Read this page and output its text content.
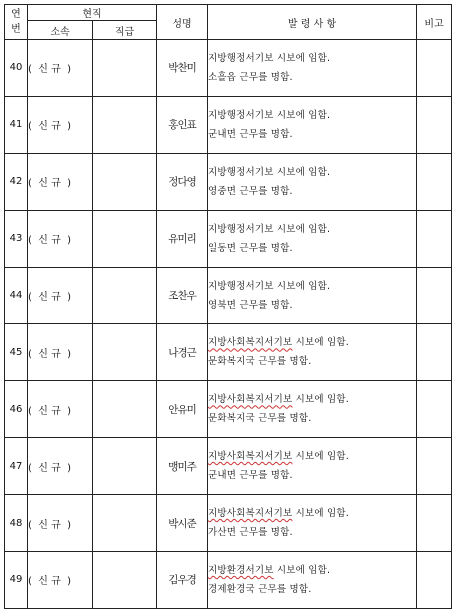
연
번	현직		성명	발 령 사 항	비고
	소속	직급			
40	(  신 규  )		박찬미	지방행정서기보 시보에 임함.
소흘읍 근무를 명함.	

41	(  신 규  )		홍인표	지방행정서기보 시보에 임함.
군내면 근무를 명함.	

42	(  신 규  )		정다영	지방행정서기보 시보에 임함.
영중면 근무를 명함.	

43	(  신 규  )		유미리	지방행정서기보 시보에 임함.
일동면 근무를 명함.	

44	(  신 규  )		조찬우	지방행정서기보 시보에 임함.
영북면 근무를 명함.	

45	(  신 규  )		나경근	지방사회복지서기보 시보에 임함.
문화복지국 근무를 명함.	

46	(  신 규  )		안유미	지방사회복지서기보 시보에 임함.
문화복지국 근무를 명함.	

47	(  신 규  )		맹미주	지방사회복지서기보 시보에 임함.
군내면 근무를 명함.	

48	(  신 규  )		박시준	지방사회복지서기보 시보에 임함.
가산면 근무를 명함.	

49	(  신 규  )		김우경	지방환경서기보 시보에 임함.
경제환경국 근무를 명함.	
